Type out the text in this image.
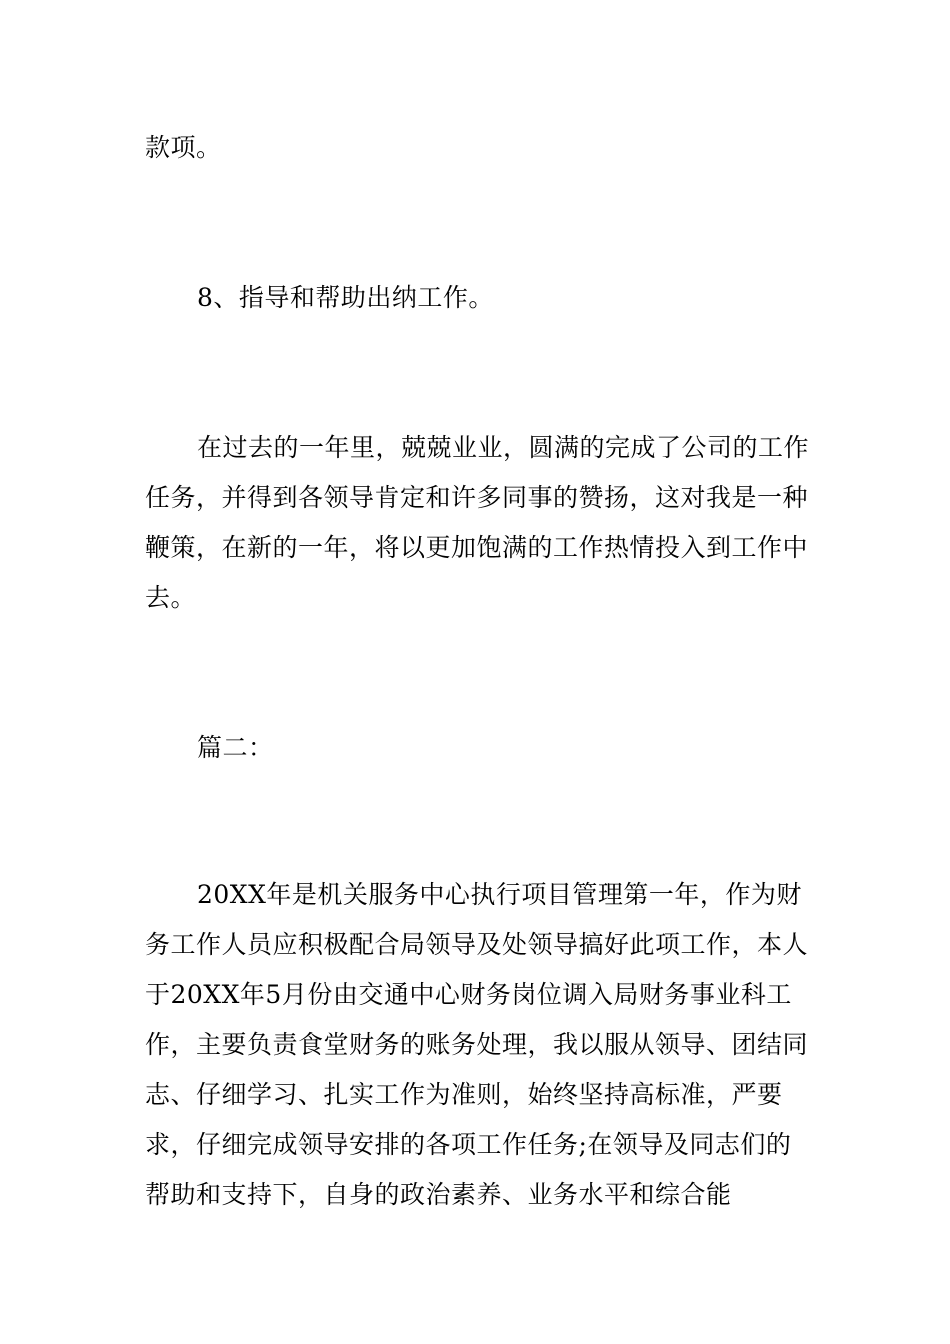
款项。

8、指导和帮助出纳工作。

在过去的一年里，兢兢业业，圆满的完成了公司的工作任务，并得到各领导肯定和许多同事的赞扬，这对我是一种鞭策，在新的一年，将以更加饱满的工作热情投入到工作中去。

篇二：

20XX年是机关服务中心执行项目管理第一年，作为财务工作人员应积极配合局领导及处领导搞好此项工作，本人于20XX年5月份由交通中心财务岗位调入局财务事业科工作，主要负责食堂财务的账务处理，我以服从领导、团结同志、仔细学习、扎实工作为准则，始终坚持高标准，严要求，仔细完成领导安排的各项工作任务;在领导及同志们的帮助和支持下，自身的政治素养、业务水平和综合能
